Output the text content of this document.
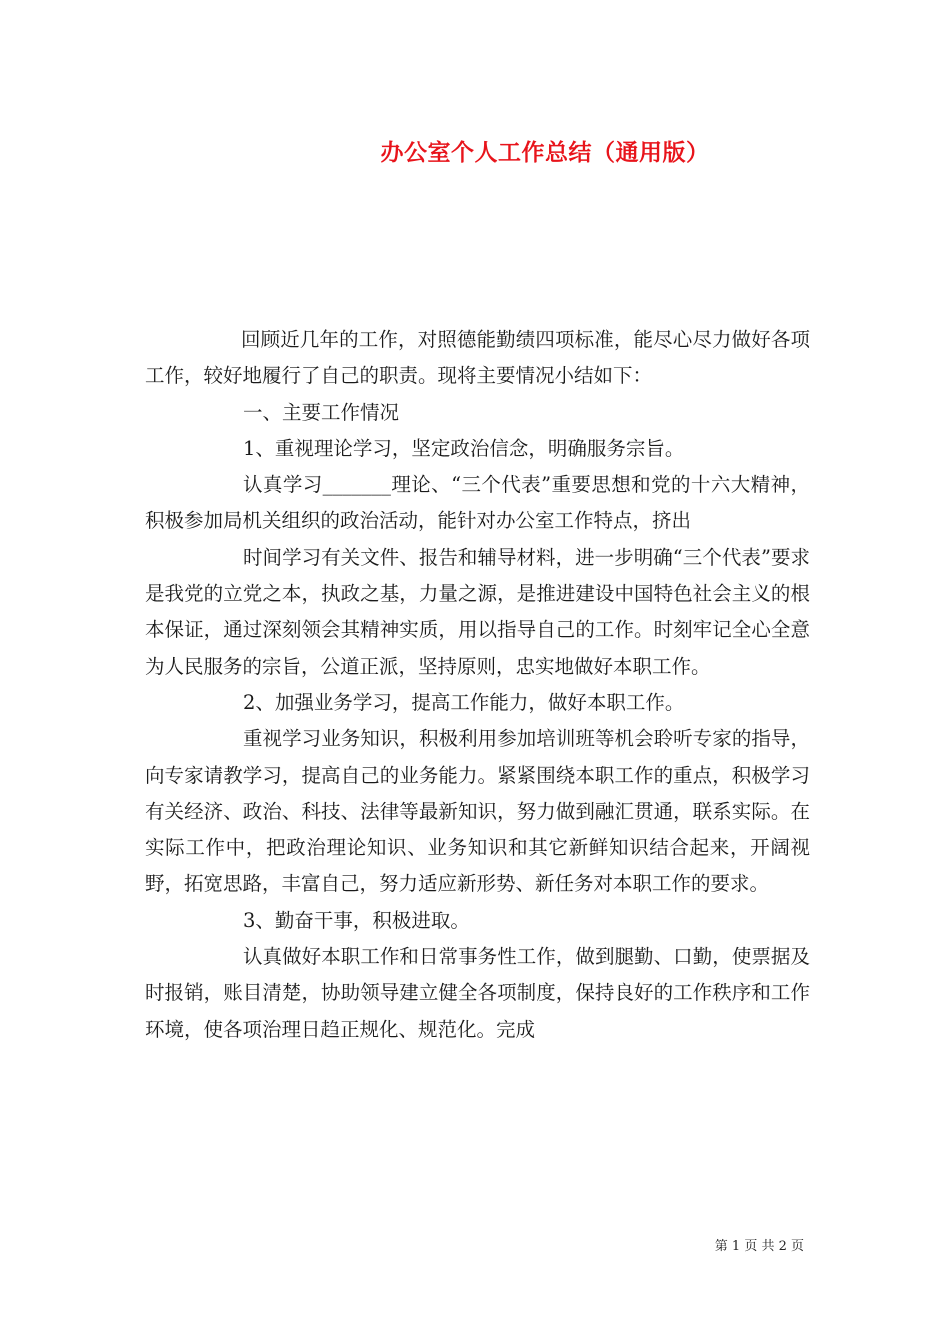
办公室个人工作总结（通用版）

回顾近几年的工作，对照德能勤绩四项标准，能尽心尽力做好各项工作，较好地履行了自己的职责。现将主要情况小结如下：

一、主要工作情况

1、重视理论学习，坚定政治信念，明确服务宗旨。

认真学习_______理论、“三个代表”重要思想和党的十六大精神，积极参加局机关组织的政治活动，能针对办公室工作特点，挤出

时间学习有关文件、报告和辅导材料，进一步明确“三个代表”要求是我党的立党之本，执政之基，力量之源，是推进建设中国特色社会主义的根本保证，通过深刻领会其精神实质，用以指导自己的工作。时刻牢记全心全意为人民服务的宗旨，公道正派，坚持原则，忠实地做好本职工作。

2、加强业务学习，提高工作能力，做好本职工作。

重视学习业务知识，积极利用参加培训班等机会聆听专家的指导，向专家请教学习，提高自己的业务能力。紧紧围绕本职工作的重点，积极学习有关经济、政治、科技、法律等最新知识，努力做到融汇贯通，联系实际。在实际工作中，把政治理论知识、业务知识和其它新鲜知识结合起来，开阔视野，拓宽思路，丰富自己，努力适应新形势、新任务对本职工作的要求。

3、勤奋干事，积极进取。

认真做好本职工作和日常事务性工作，做到腿勤、口勤，使票据及时报销，账目清楚，协助领导建立健全各项制度，保持良好的工作秩序和工作环境，使各项治理日趋正规化、规范化。完成

第 1 页 共 2 页
